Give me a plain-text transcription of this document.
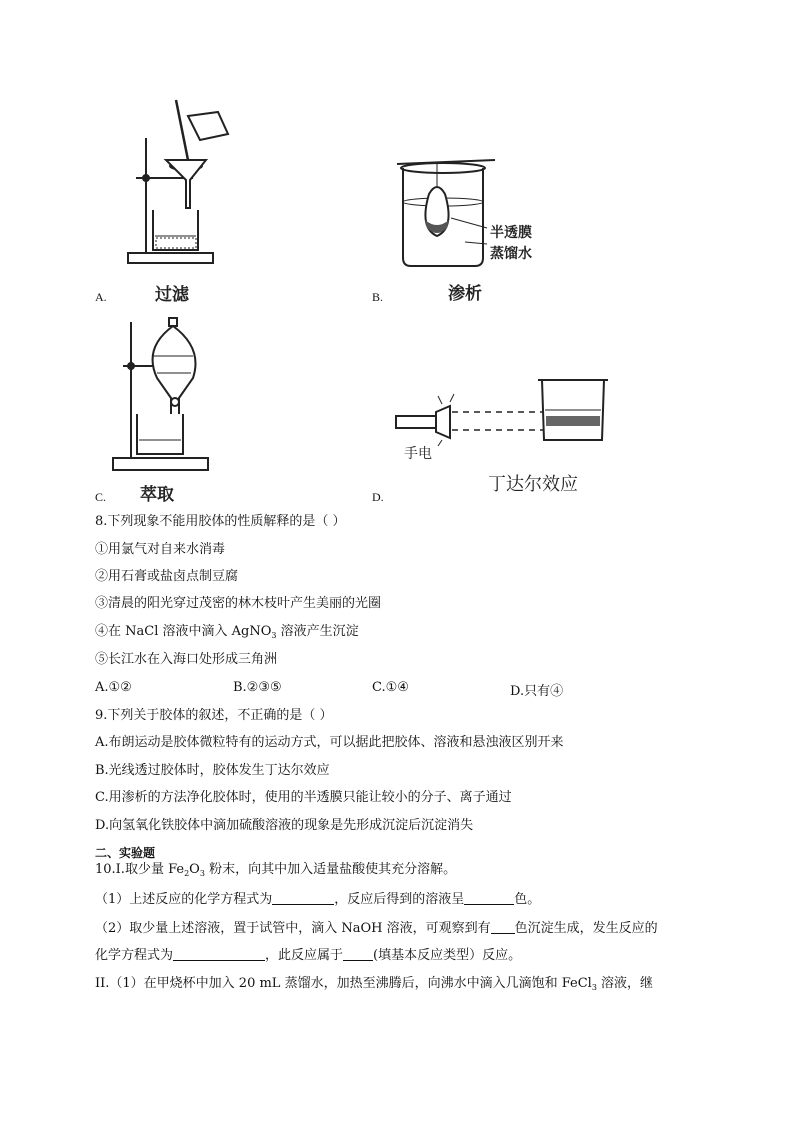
A.	过滤
半透膜
蒸馏水
B.	渗析
C. 萃取
手电
D.
丁达尔效应
8.下列现象不能用胶体的性质解释的是（ ）
①用氯气对自来水消毒
②用石膏或盐卤点制豆腐
③清晨的阳光穿过茂密的林木枝叶产生美丽的光圈
④在 NaCl 溶液中滴入 AgNO$_3$ 溶液产生沉淀
⑤长江水在入海口处形成三角洲
A.①②	B.②③⑤	C.①④	D.只有④
9.下列关于胶体的叙述，不正确的是（ ）
A.布朗运动是胶体微粒特有的运动方式，可以据此把胶体、溶液和悬浊液区别开来
B.光线透过胶体时，胶体发生丁达尔效应
C.用渗析的方法净化胶体时，使用的半透膜只能让较小的分子、离子通过
D.向氢氧化铁胶体中滴加硫酸溶液的现象是先形成沉淀后沉淀消失
二、实验题
10.I.取少量 $Fe_2O_3$ 粉末，向其中加入适量盐酸使其充分溶解。
（1）上述反应的化学方程式为	，反应后得到的溶液呈	色。
（2）取少量上述溶液，置于试管中，滴入 NaOH 溶液，可观察到有 色沉淀生成，发生反应的
化学方程式为	，此反应属于 (填基本反应类型）反应。
II.（1）在甲烧杯中加入 20 mL 蒸馏水，加热至沸腾后，向沸水中滴入几滴饱和 FeCl$_3$ 溶液，继
